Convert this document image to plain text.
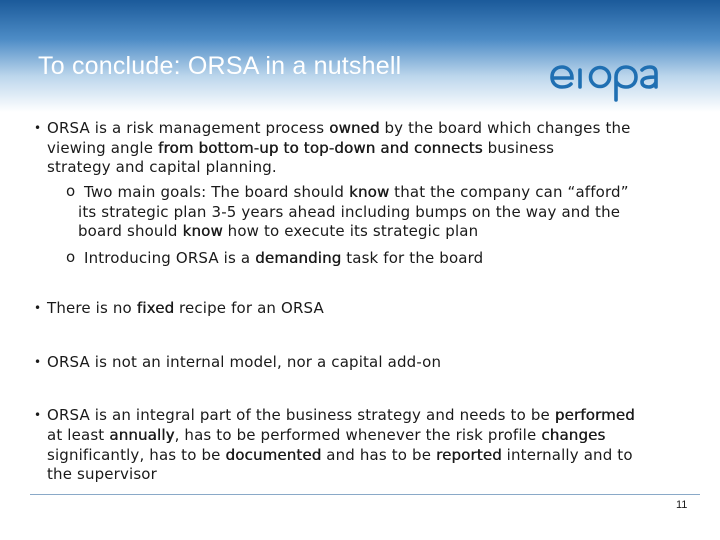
To conclude: ORSA in a nutshell	eiopa
• ORSA is a risk management process owned by the board which changes the
viewing angle from bottom-up to top-down and connects business
strategy and capital planning.
o Two main goals: The board should know that the company can “afford”
its strategic plan 3-5 years ahead including bumps on the way and the
board should know how to execute its strategic plan
o Introducing ORSA is a demanding task for the board
• There is no fixed recipe for an ORSA
• ORSA is not an internal model, nor a capital add-on
• ORSA is an integral part of the business strategy and needs to be performed
at least annually, has to be performed whenever the risk profile changes
significantly, has to be documented and has to be reported internally and to
the supervisor
11
